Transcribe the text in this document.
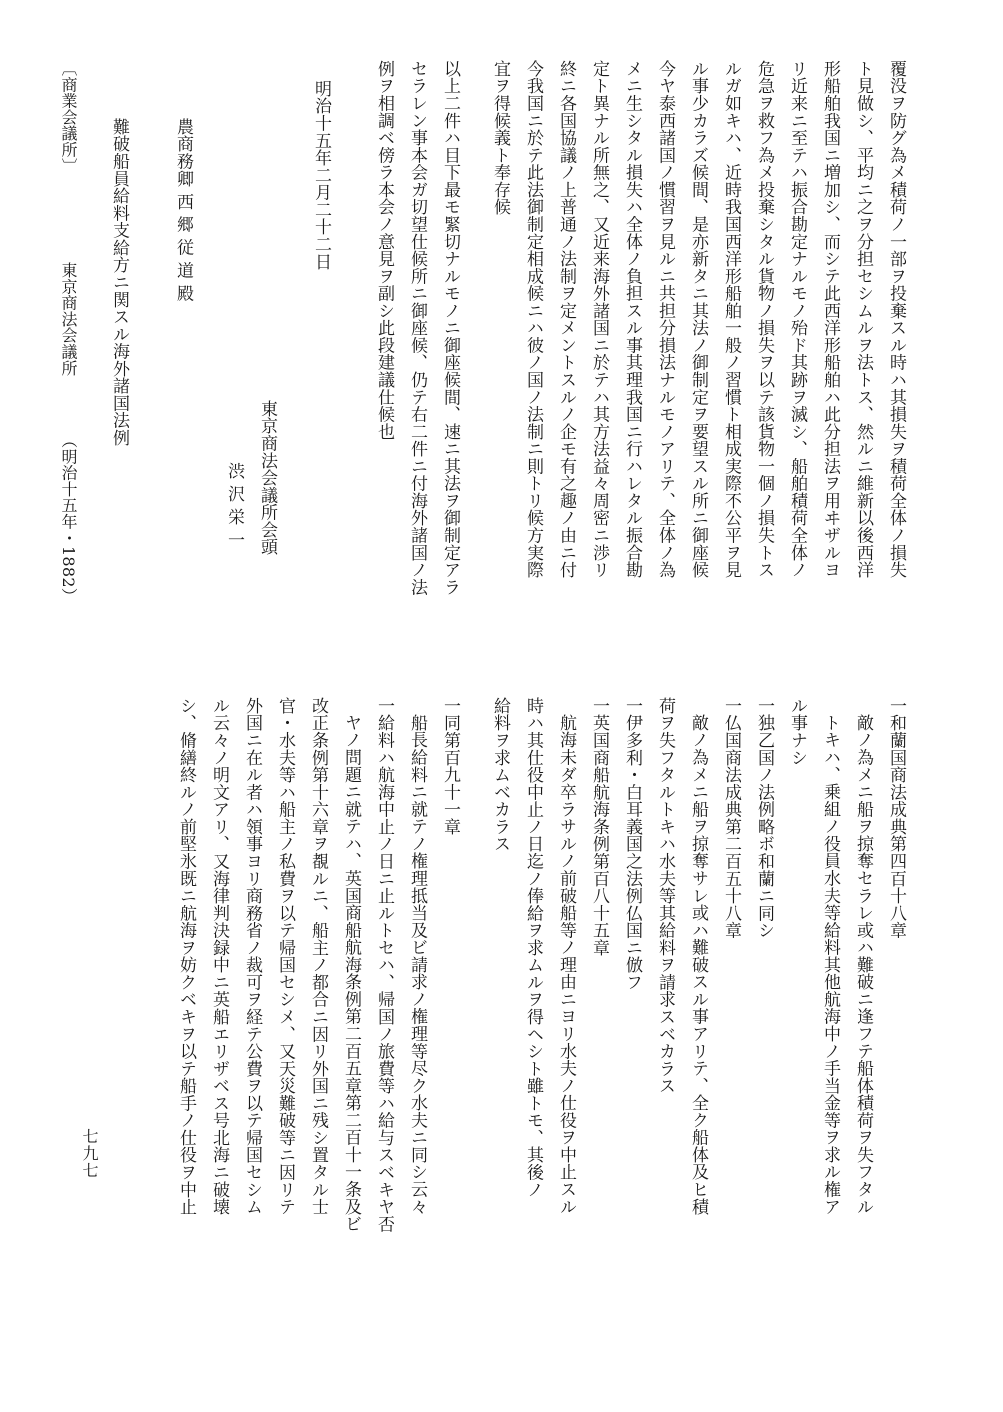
覆没ヲ防グ為メ積荷ノ一部ヲ投棄スル時ハ其損失ヲ積荷全体ノ損失
ト見做シ、平均ニ之ヲ分担セシムルヲ法トス、然ルニ維新以後西洋
形船舶我国ニ増加シ、而シテ此西洋形船舶ハ此分担法ヲ用ヰザルヨ
リ近来ニ至テハ振合勘定ナルモノ殆ド其跡ヲ滅シ、船舶積荷全体ノ
危急ヲ救フ為メ投棄シタル貨物ノ損失ヲ以テ該貨物一個ノ損失トス
ルガ如キハ、近時我国西洋形船舶一般ノ習慣ト相成実際不公平ヲ見
ル事少カラズ候間、是亦新タニ其法ノ御制定ヲ要望スル所ニ御座候
今ヤ泰西諸国ノ慣習ヲ見ルニ共担分損法ナルモノアリテ、全体ノ為
メニ生シタル損失ハ全体ノ負担スル事其理我国ニ行ハレタル振合勘
定ト異ナル所無之、又近来海外諸国ニ於テハ其方法益々周密ニ渉リ
終ニ各国協議ノ上普通ノ法制ヲ定メントスルノ企モ有之趣ノ由ニ付
今我国ニ於テ此法御制定相成候ニハ彼ノ国ノ法制ニ則トリ候方実際
宜ヲ得候義ト奉存候
以上二件ハ目下最モ緊切ナルモノニ御座候間、速ニ其法ヲ御制定アラ
セラレン事本会ガ切望仕候所ニ御座候、仍テ右二件ニ付海外諸国ノ法
例ヲ相調ベ傍ラ本会ノ意見ヲ副シ此段建議仕候也
明治十五年二月二十二日
東京商法会議所会頭
渋 沢 栄 一
農商務卿 西 郷 従 道 殿
難破船員給料支給方ニ関スル海外諸国法例
〔商業会議所〕
東京商法会議所
（明治十五年・1882）
一和蘭国商法成典第四百十八章
敵ノ為メニ船ヲ掠奪セラレ或ハ難破ニ逢フテ船体積荷ヲ失フタル
トキハ、乗組ノ役員水夫等給料其他航海中ノ手当金等ヲ求ル権ア
ル事ナシ
一独乙国ノ法例略ボ和蘭ニ同シ
一仏国商法成典第二百五十八章
敵ノ為メニ船ヲ掠奪サレ或ハ難破スル事アリテ、全ク船体及ヒ積
荷ヲ失フタルトキハ水夫等其給料ヲ請求スベカラス
一伊多利・白耳義国之法例仏国ニ倣フ
一英国商船航海条例第百八十五章
航海未ダ卒ラサルノ前破船等ノ理由ニヨリ水夫ノ仕役ヲ中止スル
時ハ其仕役中止ノ日迄ノ俸給ヲ求ムルヲ得ヘシト雖トモ、其後ノ
給料ヲ求ムベカラス
一同第百九十一章
船長給料ニ就テノ権理抵当及ビ請求ノ権理等尽ク水夫ニ同シ云々
一給料ハ航海中止ノ日ニ止ルトセハ、帰国ノ旅費等ハ給与スベキヤ否
ヤノ問題ニ就テハ、英国商船航海条例第二百五章第二百十一条及ビ
改正条例第十六章ヲ覩ルニ、船主ノ都合ニ因リ外国ニ残シ置タル士
官・水夫等ハ船主ノ私費ヲ以テ帰国セシメ、又天災難破等ニ因リテ
外国ニ在ル者ハ領事ヨリ商務省ノ裁可ヲ経テ公費ヲ以テ帰国セシム
ル云々ノ明文アリ、又海律判決録中ニ英船エリザベス号北海ニ破壊
シ、脩繕終ルノ前堅氷既ニ航海ヲ妨クベキヲ以テ船手ノ仕役ヲ中止
七九七
